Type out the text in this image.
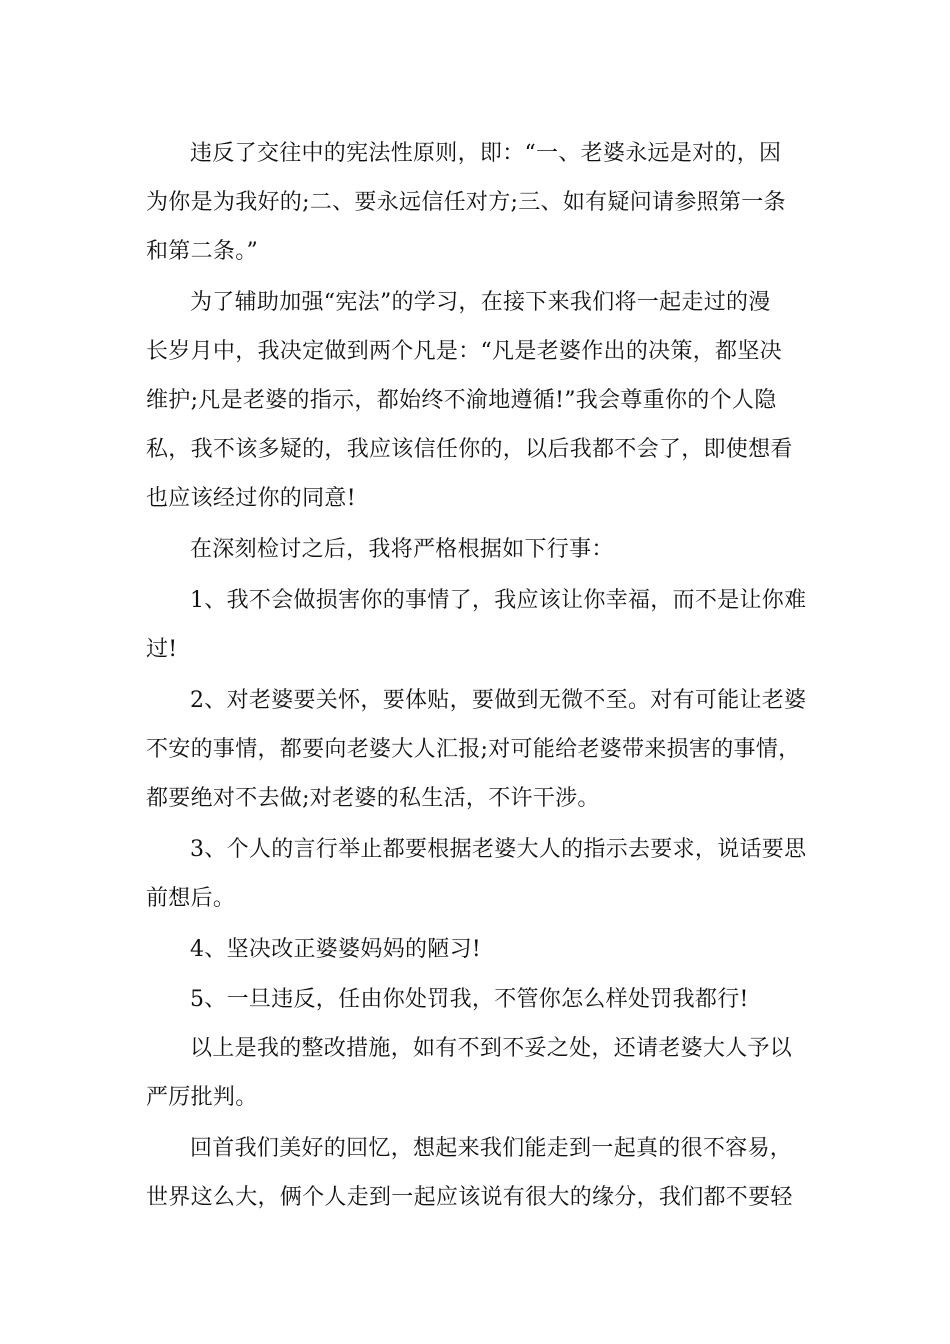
违反了交往中的宪法性原则，即：“一、老婆永远是对的，因
为你是为我好的;二、要永远信任对方;三、如有疑问请参照第一条
和第二条。”
为了辅助加强“宪法”的学习，在接下来我们将一起走过的漫
长岁月中，我决定做到两个凡是：“凡是老婆作出的决策，都坚决
维护;凡是老婆的指示，都始终不渝地遵循!”我会尊重你的个人隐
私，我不该多疑的，我应该信任你的，以后我都不会了，即使想看
也应该经过你的同意!
在深刻检讨之后，我将严格根据如下行事：
1、我不会做损害你的事情了，我应该让你幸福，而不是让你难
过!
2、对老婆要关怀，要体贴，要做到无微不至。对有可能让老婆
不安的事情，都要向老婆大人汇报;对可能给老婆带来损害的事情，
都要绝对不去做;对老婆的私生活，不许干涉。
3、个人的言行举止都要根据老婆大人的指示去要求，说话要思
前想后。
4、坚决改正婆婆妈妈的陋习!
5、一旦违反，任由你处罚我，不管你怎么样处罚我都行!
以上是我的整改措施，如有不到不妥之处，还请老婆大人予以
严厉批判。
回首我们美好的回忆，想起来我们能走到一起真的很不容易，
世界这么大，俩个人走到一起应该说有很大的缘分，我们都不要轻
